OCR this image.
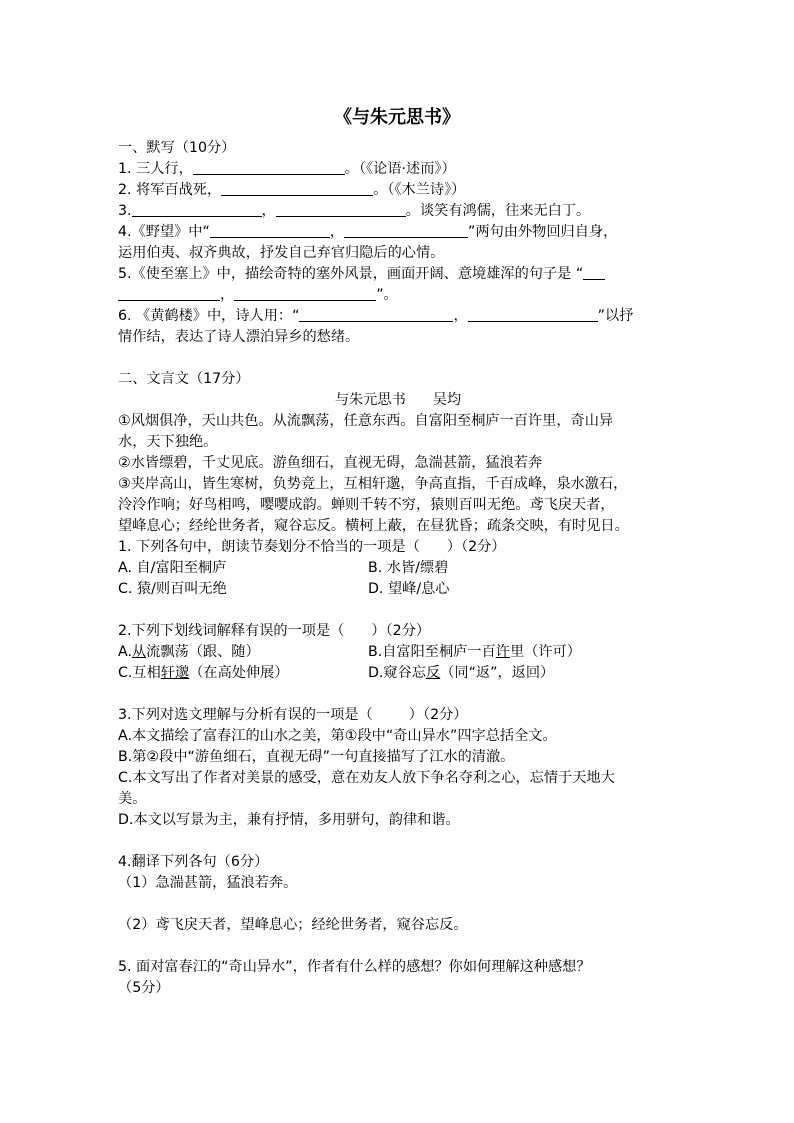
《与朱元思书》
一、默写（10分）
1. 三人行，	。（《论语·述而》）
2. 将军百战死，	。（《木兰诗》）
3.	，	。谈笑有鸿儒，往来无白丁。
4.《野望》中“	，	”两句由外物回归自身，
运用伯夷、叔齐典故，抒发自己弃官归隐后的心情。
5.《使至塞上》中，描绘奇特的塞外风景，画面开阔、意境雄浑的句子是 “
，	”。
6. 《黄鹤楼》中，诗人用：“	，	”以抒
情作结，表达了诗人漂泊异乡的愁绪。
二、文言文（17分）
与朱元思书      吴均
①风烟俱净，天山共色。从流飘荡，任意东西。自富阳至桐庐一百许里，奇山异
水，天下独绝。
②水皆缥碧，千丈见底。游鱼细石，直视无碍，急湍甚箭，猛浪若奔
③夹岸高山，皆生寒树，负势竞上，互相轩邈，争高直指，千百成峰，泉水激石，
泠泠作响；好鸟相鸣，嘤嘤成韵。蝉则千转不穷，猿则百叫无绝。鸢飞戾天者，
望峰息心；经纶世务者，窥谷忘反。横柯上蔽，在昼犹昏；疏条交映，有时见日。
1. 下列各句中，朗读节奏划分不恰当的一项是（      ）（2分）
A. 自/富阳至桐庐	B. 水皆/缥碧
C. 猿/则百叫无绝	D. 望峰/息心
2.下列下划线词解释有误的一项是（      ）（2分）
A.从流飘荡（跟、随）	B.自富阳至桐庐一百许里（许可）
C.互相轩邈（在高处伸展）	D.窥谷忘反（同“返”，返回）
3.下列对选文理解与分析有误的一项是（        ）（2分）
A.本文描绘了富春江的山水之美，第①段中“奇山异水”四字总括全文。
B.第②段中“游鱼细石，直视无碍”一句直接描写了江水的清澈。
C.本文写出了作者对美景的感受，意在劝友人放下争名夺利之心，忘情于天地大
美。
D.本文以写景为主，兼有抒情，多用骈句，韵律和谐。
4.翻译下列各句（6分）
（1）急湍甚箭，猛浪若奔。
（2）鸢飞戾天者，望峰息心；经纶世务者，窥谷忘反。
5. 面对富春江的“奇山异水”，作者有什么样的感想？你如何理解这种感想？
（5分）
